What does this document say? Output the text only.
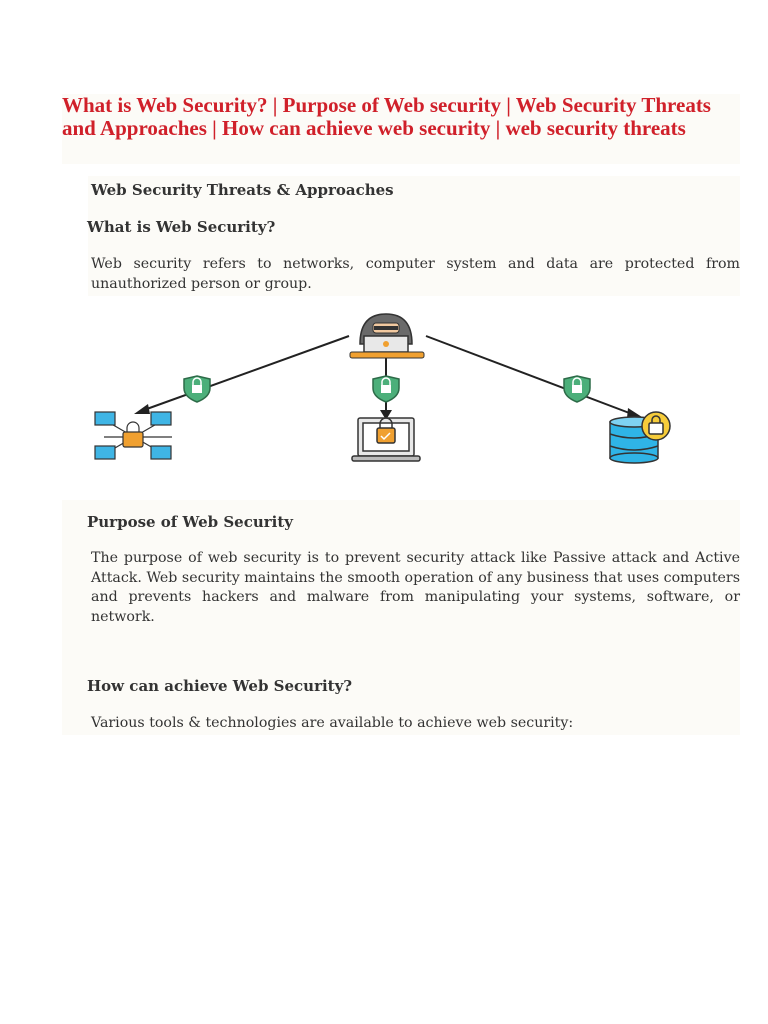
What is Web Security? | Purpose of Web security | Web Security Threats and Approaches | How can achieve web security | web security threats
Web Security Threats & Approaches
What is Web Security?
Web security refers to networks, computer system and data are protected from unauthorized person or group.
Purpose of Web Security
The purpose of web security is to prevent security attack like Passive attack and Active Attack. Web security maintains the smooth operation of any business that uses computers and prevents hackers and malware from manipulating your systems, software, or network.
How can achieve Web Security?
Various tools & technologies are available to achieve web security:
